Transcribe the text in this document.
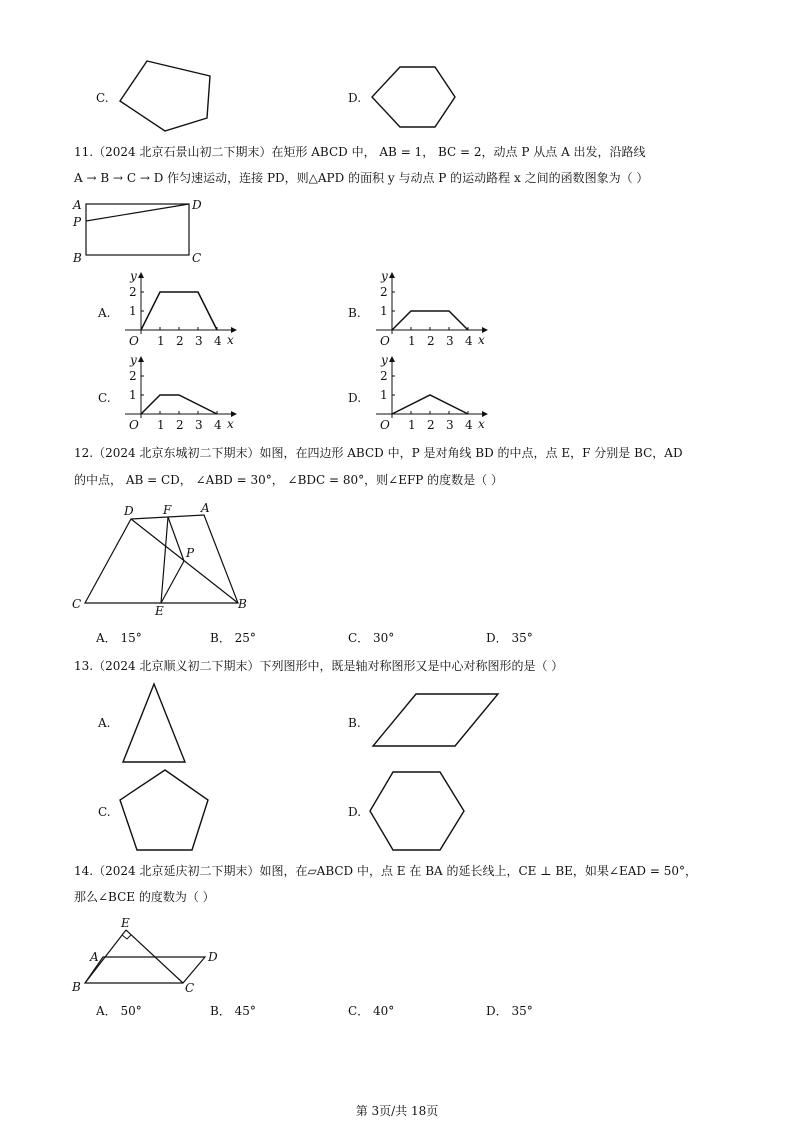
C.	D.
11.（2024 北京石景山初二下期末）在矩形 ABCD 中， AB = 1， BC = 2，动点 P 从点 A 出发，沿路线
A → B → C → D 作匀速运动，连接 PD，则△APD 的面积 y 与动点 P 的运动路程 x 之间的函数图象为（ ）
A	D
P
B	C
A.	B.
C.	D.
y
x
O 1 2 3 4
1
2
y
x
O 1 2 3 4
1
2
y
x
O 1 2 3 4
1
2
y
x
O 1 2 3 4
1
2
12.（2024 北京东城初二下期末）如图，在四边形 ABCD 中，P 是对角线 BD 的中点，点 E，F 分别是 BC，AD
的中点， AB = CD， ∠ABD = 30°， ∠BDC = 80°，则∠EFP 的度数是（ ）
D F A
P
C	E	B
A． 15°	B． 25°	C． 30°	D． 35°
13.（2024 北京顺义初二下期末）下列图形中，既是轴对称图形又是中心对称图形的是（ ）
A.	B.
C.	D.
14.（2024 北京延庆初二下期末）如图，在▱ABCD 中，点 E 在 BA 的延长线上，CE ⊥ BE，如果∠EAD = 50°，
那么∠BCE 的度数为（ ）
E
A	D
B	C
A． 50°	B． 45°	C． 40°	D． 35°
第 3页/共 18页
